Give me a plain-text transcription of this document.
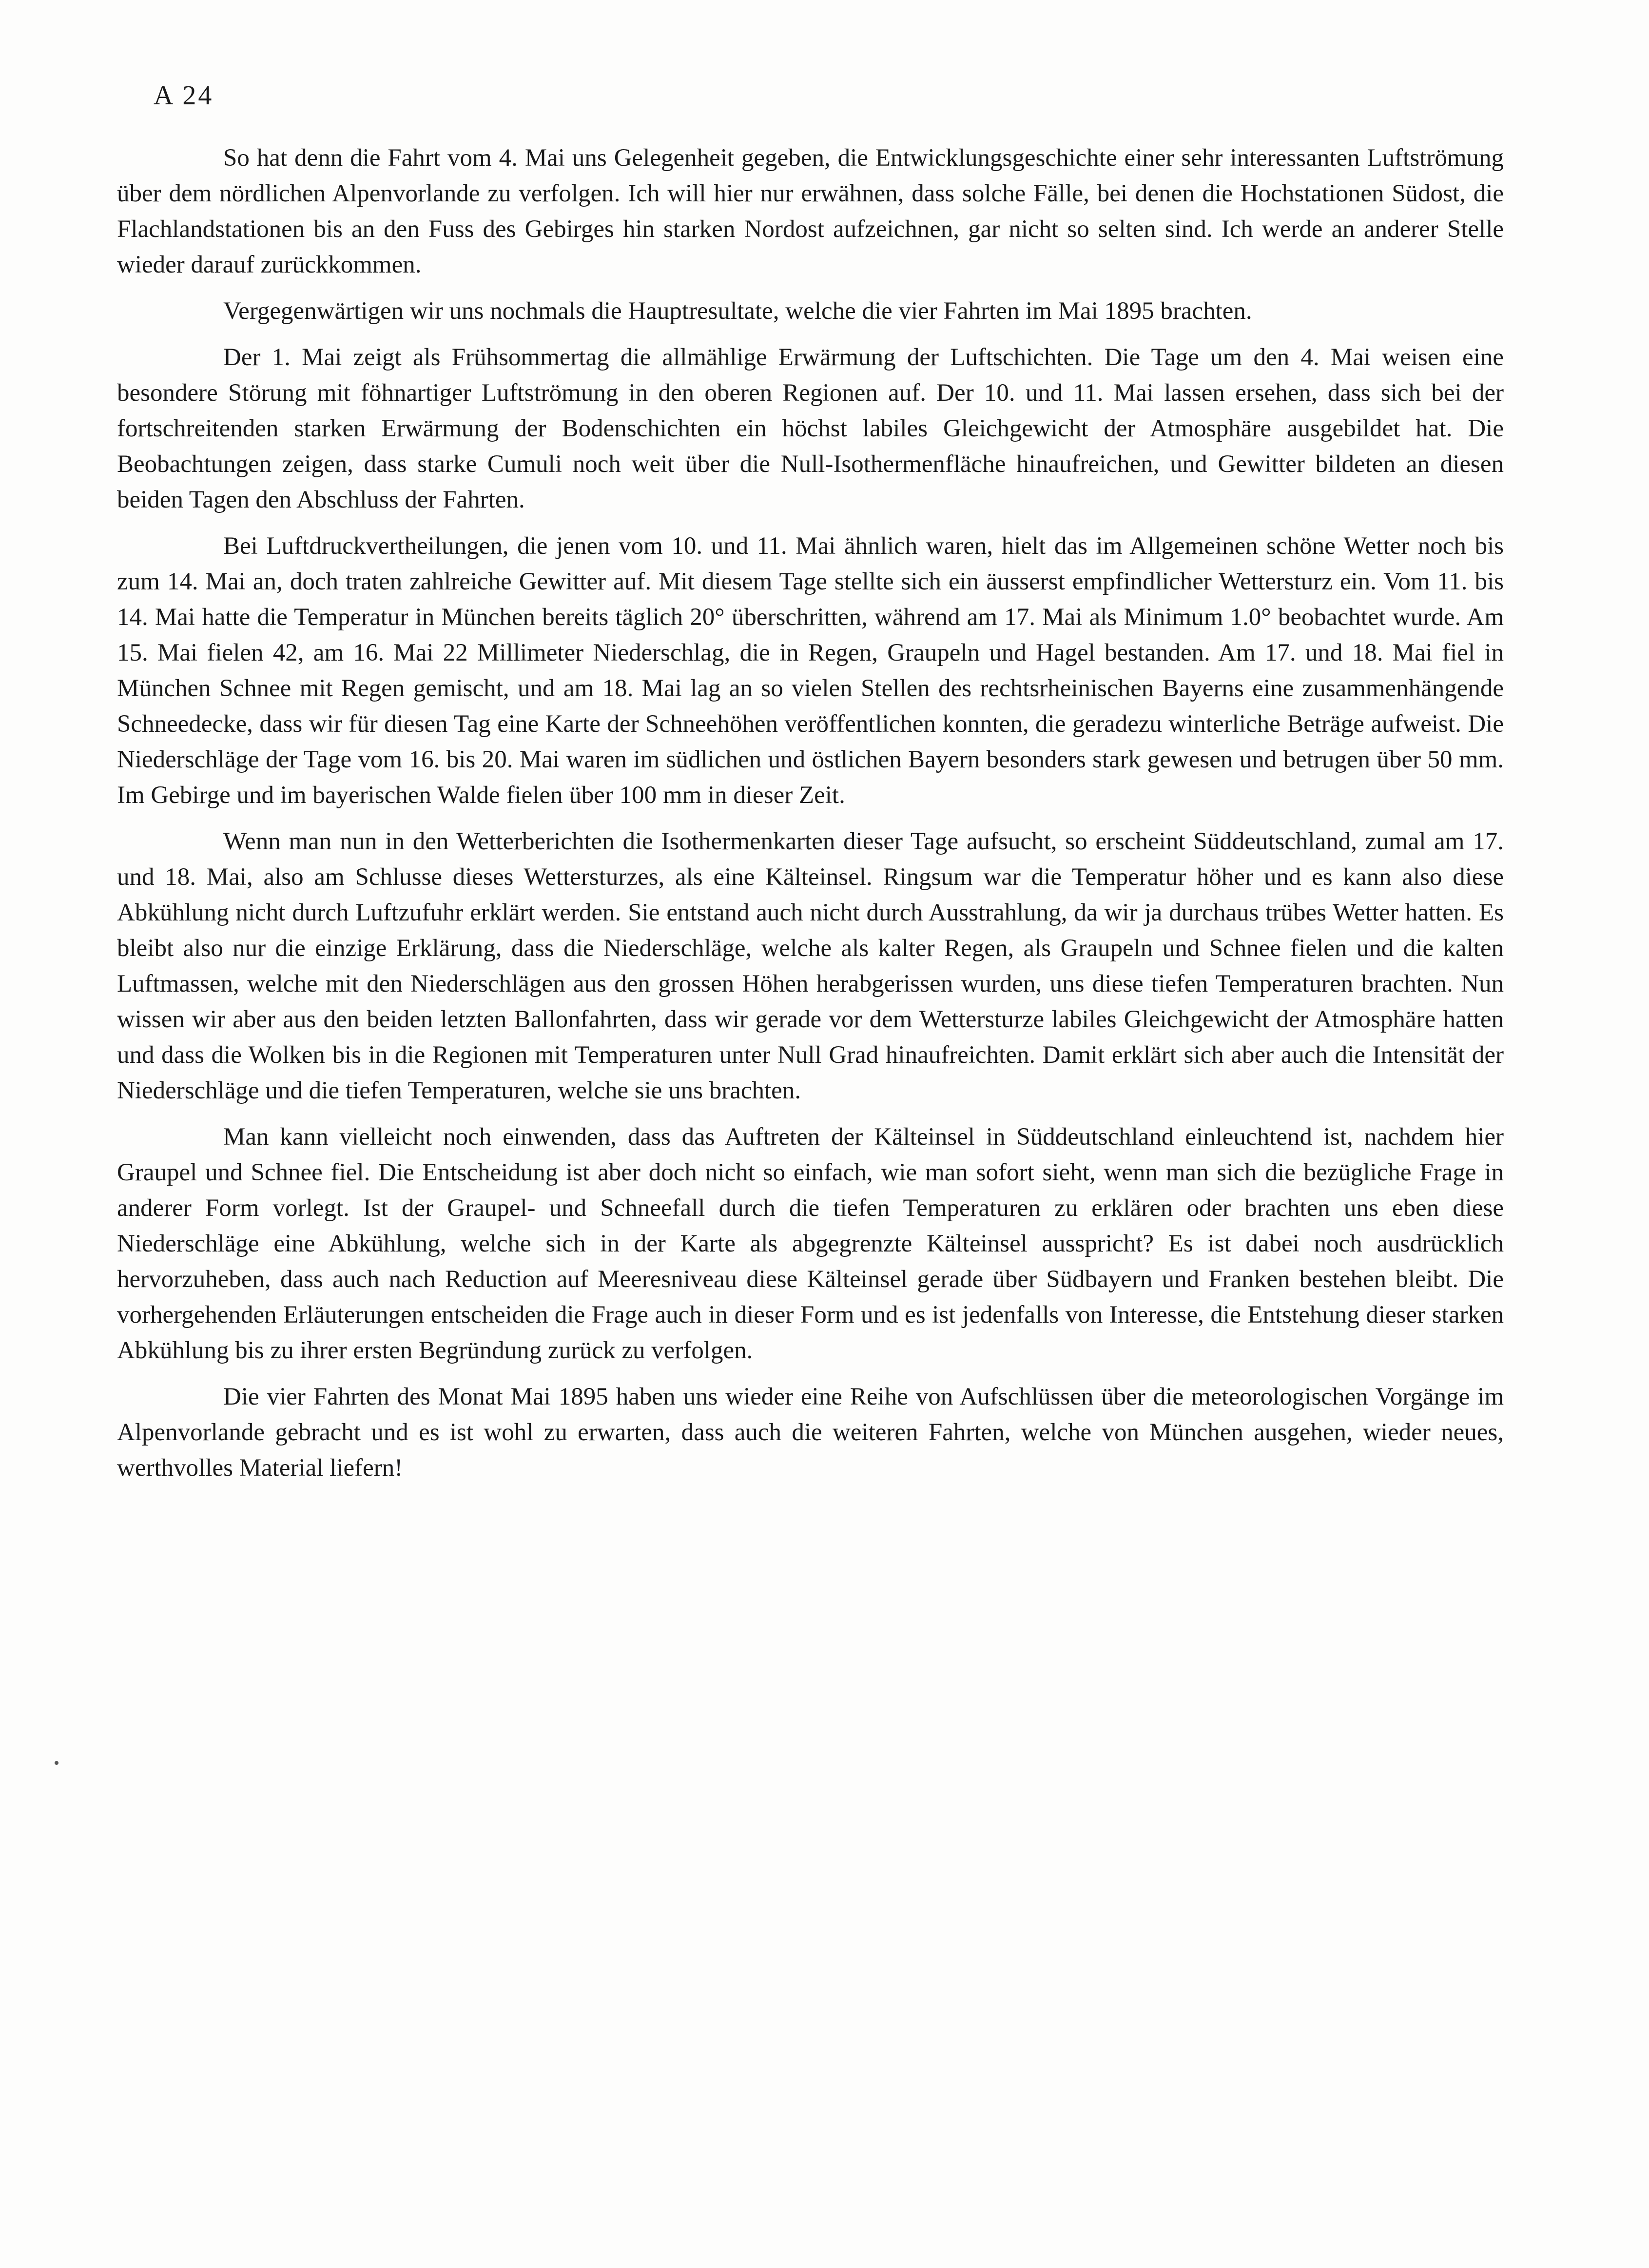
A 24

So hat denn die Fahrt vom 4. Mai uns Gelegenheit gegeben, die Entwicklungsgeschichte einer sehr interessanten Luftströmung über dem nördlichen Alpenvorlande zu verfolgen. Ich will hier nur erwähnen, dass solche Fälle, bei denen die Hochstationen Südost, die Flachlandstationen bis an den Fuss des Gebirges hin starken Nordost aufzeichnen, gar nicht so selten sind. Ich werde an anderer Stelle wieder darauf zurückkommen.

Vergegenwärtigen wir uns nochmals die Hauptresultate, welche die vier Fahrten im Mai 1895 brachten.

Der 1. Mai zeigt als Frühsommertag die allmählige Erwärmung der Luftschichten. Die Tage um den 4. Mai weisen eine besondere Störung mit föhnartiger Luftströmung in den oberen Regionen auf. Der 10. und 11. Mai lassen ersehen, dass sich bei der fortschreitenden starken Erwärmung der Bodenschichten ein höchst labiles Gleichgewicht der Atmosphäre ausgebildet hat. Die Beobachtungen zeigen, dass starke Cumuli noch weit über die Null-Isothermenfläche hinaufreichen, und Gewitter bildeten an diesen beiden Tagen den Abschluss der Fahrten.

Bei Luftdruckvertheilungen, die jenen vom 10. und 11. Mai ähnlich waren, hielt das im Allgemeinen schöne Wetter noch bis zum 14. Mai an, doch traten zahlreiche Gewitter auf. Mit diesem Tage stellte sich ein äusserst empfindlicher Wettersturz ein. Vom 11. bis 14. Mai hatte die Temperatur in München bereits täglich 20° überschritten, während am 17. Mai als Minimum 1.0° beobachtet wurde. Am 15. Mai fielen 42, am 16. Mai 22 Millimeter Niederschlag, die in Regen, Graupeln und Hagel bestanden. Am 17. und 18. Mai fiel in München Schnee mit Regen gemischt, und am 18. Mai lag an so vielen Stellen des rechtsrheinischen Bayerns eine zusammenhängende Schneedecke, dass wir für diesen Tag eine Karte der Schneehöhen veröffentlichen konnten, die geradezu winterliche Beträge aufweist. Die Niederschläge der Tage vom 16. bis 20. Mai waren im südlichen und östlichen Bayern besonders stark gewesen und betrugen über 50 mm. Im Gebirge und im bayerischen Walde fielen über 100 mm in dieser Zeit.

Wenn man nun in den Wetterberichten die Isothermenkarten dieser Tage aufsucht, so erscheint Süddeutschland, zumal am 17. und 18. Mai, also am Schlusse dieses Wettersturzes, als eine Kälteinsel. Ringsum war die Temperatur höher und es kann also diese Abkühlung nicht durch Luftzufuhr erklärt werden. Sie entstand auch nicht durch Ausstrahlung, da wir ja durchaus trübes Wetter hatten. Es bleibt also nur die einzige Erklärung, dass die Niederschläge, welche als kalter Regen, als Graupeln und Schnee fielen und die kalten Luftmassen, welche mit den Niederschlägen aus den grossen Höhen herabgerissen wurden, uns diese tiefen Temperaturen brachten. Nun wissen wir aber aus den beiden letzten Ballonfahrten, dass wir gerade vor dem Wettersturze labiles Gleichgewicht der Atmosphäre hatten und dass die Wolken bis in die Regionen mit Temperaturen unter Null Grad hinaufreichten. Damit erklärt sich aber auch die Intensität der Niederschläge und die tiefen Temperaturen, welche sie uns brachten.

Man kann vielleicht noch einwenden, dass das Auftreten der Kälteinsel in Süddeutschland einleuchtend ist, nachdem hier Graupel und Schnee fiel. Die Entscheidung ist aber doch nicht so einfach, wie man sofort sieht, wenn man sich die bezügliche Frage in anderer Form vorlegt. Ist der Graupel- und Schneefall durch die tiefen Temperaturen zu erklären oder brachten uns eben diese Niederschläge eine Abkühlung, welche sich in der Karte als abgegrenzte Kälteinsel ausspricht? Es ist dabei noch ausdrücklich hervorzuheben, dass auch nach Reduction auf Meeresniveau diese Kälteinsel gerade über Südbayern und Franken bestehen bleibt. Die vorhergehenden Erläuterungen entscheiden die Frage auch in dieser Form und es ist jedenfalls von Interesse, die Entstehung dieser starken Abkühlung bis zu ihrer ersten Begründung zurück zu verfolgen.

Die vier Fahrten des Monat Mai 1895 haben uns wieder eine Reihe von Aufschlüssen über die meteorologischen Vorgänge im Alpenvorlande gebracht und es ist wohl zu erwarten, dass auch die weiteren Fahrten, welche von München ausgehen, wieder neues, werthvolles Material liefern!
